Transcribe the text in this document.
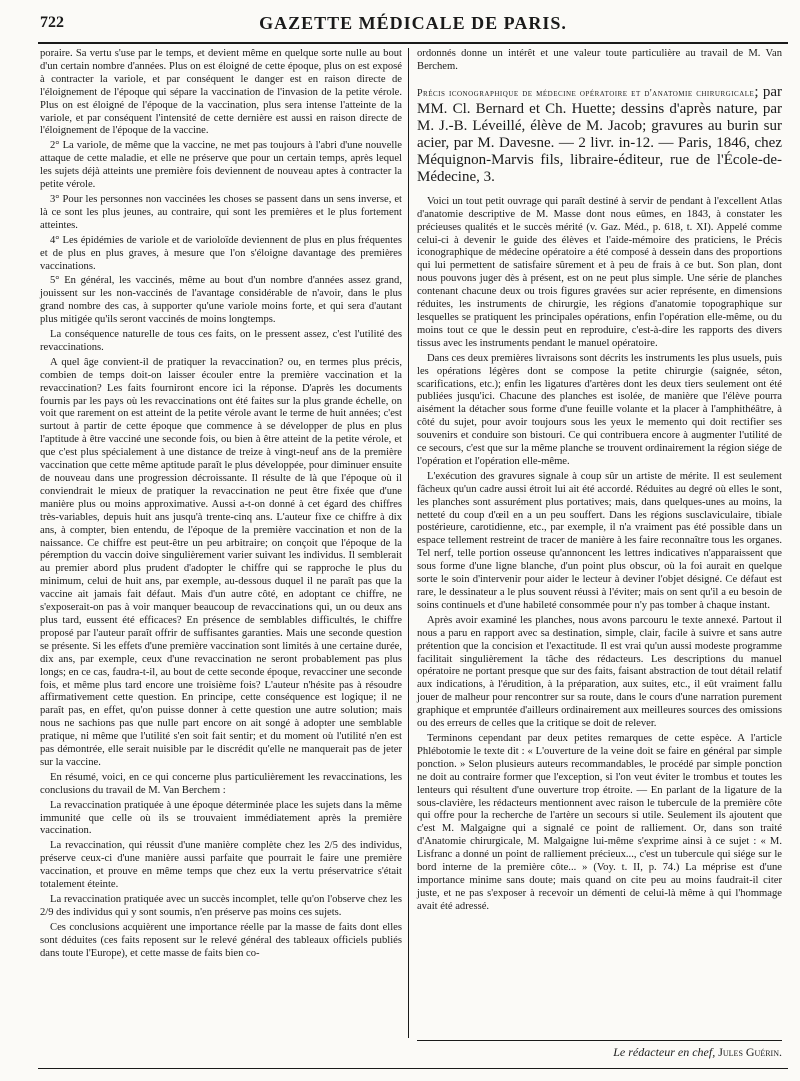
722	GAZETTE MÉDICALE DE PARIS.

poraire. Sa vertu s'use par le temps, et devient même en quelque sorte nulle au bout d'un certain nombre d'années. Plus on est éloigné de cette époque, plus on est exposé à contracter la variole, et par conséquent le danger est en raison directe de l'éloignement de l'époque qui sépare la vaccination de l'invasion de la petite vérole. Plus on est éloigné de l'époque de la vaccination, plus sera intense l'atteinte de la variole, et par conséquent l'intensité de cette dernière est aussi en raison directe de l'éloignement de l'époque de la vaccine.

2° La variole, de même que la vaccine, ne met pas toujours à l'abri d'une nouvelle attaque de cette maladie, et elle ne préserve que pour un certain temps, après lequel les sujets déjà atteints une première fois deviennent de nouveau aptes à contracter la petite vérole.

3° Pour les personnes non vaccinées les choses se passent dans un sens inverse, et là ce sont les plus jeunes, au contraire, qui sont les premières et le plus fortement atteintes.

4° Les épidémies de variole et de varioloïde deviennent de plus en plus fréquentes et de plus en plus graves, à mesure que l'on s'éloigne davantage des premières vaccinations.

5° En général, les vaccinés, même au bout d'un nombre d'années assez grand, jouissent sur les non-vaccinés de l'avantage considérable de n'avoir, dans le plus grand nombre des cas, à supporter qu'une variole moins forte, et qui sera d'autant plus mitigée qu'ils seront vaccinés de moins longtemps.

La conséquence naturelle de tous ces faits, on le pressent assez, c'est l'utilité des revaccinations.

A quel âge convient-il de pratiquer la revaccination? ou, en termes plus précis, combien de temps doit-on laisser écouler entre la première vaccination et la revaccination? Les faits fourniront encore ici la réponse. D'après les documents fournis par les pays où les revaccinations ont été faites sur la plus grande échelle, on voit que rarement on est atteint de la petite vérole avant le terme de huit années; c'est surtout à partir de cette époque que commence à se développer de plus en plus l'aptitude à être vacciné une seconde fois, ou bien à être atteint de la petite vérole, et que c'est plus spécialement à une distance de treize à vingt-neuf ans de la première vaccination que cette même aptitude paraît le plus développée, pour diminuer ensuite de nouveau dans une progression décroissante. Il résulte de là que l'époque où il conviendrait le mieux de pratiquer la revaccination ne peut être fixée que d'une manière plus ou moins approximative. Aussi a-t-on donné à cet égard des chiffres très-variables, depuis huit ans jusqu'à trente-cinq ans. L'auteur fixe ce chiffre à dix ans, à compter, bien entendu, de l'époque de la première vaccination et non de la naissance. Ce chiffre est peut-être un peu arbitraire; on conçoit que l'époque de la péremption du vaccin doive singulièrement varier suivant les individus. Il semblerait au premier abord plus prudent d'adopter le chiffre qui se rapproche le plus du minimum, celui de huit ans, par exemple, au-dessous duquel il ne paraît pas que la vaccine ait jamais fait défaut. Mais d'un autre côté, en adoptant ce chiffre, ne s'exposerait-on pas à voir manquer beaucoup de revaccinations qui, un ou deux ans plus tard, eussent été efficaces? En présence de semblables difficultés, le chiffre proposé par l'auteur paraît offrir de suffisantes garanties. Mais une seconde question se présente. Si les effets d'une première vaccination sont limités à une certaine durée, dix ans, par exemple, ceux d'une revaccination ne seront probablement pas plus longs; en ce cas, faudra-t-il, au bout de cette seconde époque, revacciner une seconde fois, et même plus tard encore une troisième fois? L'auteur n'hésite pas à résoudre affirmativement cette question. En principe, cette conséquence est logique; il ne paraît pas, en effet, qu'on puisse donner à cette question une autre solution; mais nous ne sachions pas que nulle part encore on ait songé à adopter une semblable pratique, ni même que l'utilité s'en soit fait sentir; et du moment où l'utilité n'en est pas démontrée, elle serait nuisible par le discrédit qu'elle ne manquerait pas de jeter sur la vaccine.

En résumé, voici, en ce qui concerne plus particulièrement les revaccinations, les conclusions du travail de M. Van Berchem :

La revaccination pratiquée à une époque déterminée place les sujets dans la même immunité que celle où ils se trouvaient immédiatement après la première vaccination.

La revaccination, qui réussit d'une manière complète chez les 2/5 des individus, préserve ceux-ci d'une manière aussi parfaite que pourrait le faire une première vaccination, et prouve en même temps que chez eux la vertu préservatrice s'était totalement éteinte.

La revaccination pratiquée avec un succès incomplet, telle qu'on l'observe chez les 2/9 des individus qui y sont soumis, n'en préserve pas moins ces sujets.

Ces conclusions acquièrent une importance réelle par la masse de faits dont elles sont déduites (ces faits reposent sur le relevé général des tableaux officiels publiés dans toute l'Europe), et cette masse de faits bien co-

ordonnés donne un intérêt et une valeur toute particulière au travail de M. Van Berchem.

Précis iconographique de médecine opératoire et d'anatomie chirurgicale; par MM. Cl. Bernard et Ch. Huette; dessins d'après nature, par M. J.-B. Léveillé, élève de M. Jacob; gravures au burin sur acier, par M. Davesne. — 2 livr. in-12. — Paris, 1846, chez Méquignon-Marvis fils, libraire-éditeur, rue de l'École-de-Médecine, 3.

Voici un tout petit ouvrage qui paraît destiné à servir de pendant à l'excellent Atlas d'anatomie descriptive de M. Masse dont nous eûmes, en 1843, à constater les précieuses qualités et le succès mérité (v. Gaz. Méd., p. 618, t. XI). Appelé comme celui-ci à devenir le guide des élèves et l'aide-mémoire des praticiens, le Précis iconographique de médecine opératoire a été composé à dessein dans des proportions qui lui permettent de satisfaire sûrement et à peu de frais à ce but. Son plan, dont nous pouvons juger dès à présent, est on ne peut plus simple. Une série de planches contenant chacune deux ou trois figures gravées sur acier représente, en dimensions réduites, les instruments de chirurgie, les régions d'anatomie topographique sur lesquelles se pratiquent les principales opérations, enfin l'opération elle-même, ou du moins tout ce que le dessin peut en reproduire, c'est-à-dire les rapports des divers tissus avec les instruments pendant le manuel opératoire.

Dans ces deux premières livraisons sont décrits les instruments les plus usuels, puis les opérations légères dont se compose la petite chirurgie (saignée, séton, scarifications, etc.); enfin les ligatures d'artères dont les deux tiers seulement ont été publiées jusqu'ici. Chacune des planches est isolée, de manière que l'élève pourra aisément la détacher sous forme d'une feuille volante et la placer à l'amphithéâtre, à côté du sujet, pour avoir toujours sous les yeux le memento qui doit rectifier ses souvenirs et conduire son bistouri. Ce qui contribuera encore à augmenter l'utilité de ce secours, c'est que sur la même planche se trouvent ordinairement la région siége de l'opération et l'opération elle-même.

L'exécution des gravures signale à coup sûr un artiste de mérite. Il est seulement fâcheux qu'un cadre aussi étroit lui ait été accordé. Réduites au degré où elles le sont, les planches sont assurément plus portatives; mais, dans quelques-unes au moins, la netteté du coup d'œil en a un peu souffert. Dans les régions susclaviculaire, tibiale postérieure, carotidienne, etc., par exemple, il n'a vraiment pas été possible dans un espace tellement restreint de tracer de manière à les faire reconnaître tous les organes. Tel nerf, telle portion osseuse qu'annoncent les lettres indicatives n'apparaissent que sous forme d'une ligne blanche, d'un point plus obscur, où la foi aurait en quelque sorte le soin d'intervenir pour aider le lecteur à deviner l'objet désigné. Ce défaut est rare, le dessinateur a le plus souvent réussi à l'éviter; mais on sent qu'il a eu besoin de soins continuels et d'une habileté consommée pour n'y pas tomber à chaque instant.

Après avoir examiné les planches, nous avons parcouru le texte annexé. Partout il nous a paru en rapport avec sa destination, simple, clair, facile à suivre et sans autre prétention que la concision et l'exactitude. Il est vrai qu'un aussi modeste programme facilitait singulièrement la tâche des rédacteurs. Les descriptions du manuel opératoire ne portant presque que sur des faits, faisant abstraction de tout détail relatif aux indications, à l'érudition, à la préparation, aux suites, etc., il eût vraiment fallu jouer de malheur pour rencontrer sur sa route, dans le cours d'une narration purement graphique et empruntée d'ailleurs ordinairement aux meilleures sources des omissions ou des erreurs de celles que la critique se doit de relever.

Terminons cependant par deux petites remarques de cette espèce. A l'article Phlébotomie le texte dit : « L'ouverture de la veine doit se faire en général par simple ponction. » Selon plusieurs auteurs recommandables, le procédé par simple ponction ne doit au contraire former que l'exception, si l'on veut éviter le trombus et toutes les lenteurs qui résultent d'une ouverture trop étroite. — En parlant de la ligature de la sous-clavière, les rédacteurs mentionnent avec raison le tubercule de la première côte qui offre pour la recherche de l'artère un secours si utile. Seulement ils ajoutent que c'est M. Malgaigne qui a signalé ce point de ralliement. Or, dans son traité d'Anatomie chirurgicale, M. Malgaigne lui-même s'exprime ainsi à ce sujet : « M. Lisfranc a donné un point de ralliement précieux..., c'est un tubercule qui siége sur le bord interne de la première côte... » (Voy. t. II, p. 74.) La méprise est d'une importance minime sans doute; mais quand on cite peu au moins faudrait-il citer juste, et ne pas s'exposer à recevoir un démenti de celui-là même à qui l'hommage avait été adressé.

Le rédacteur en chef, Jules Guérin.
